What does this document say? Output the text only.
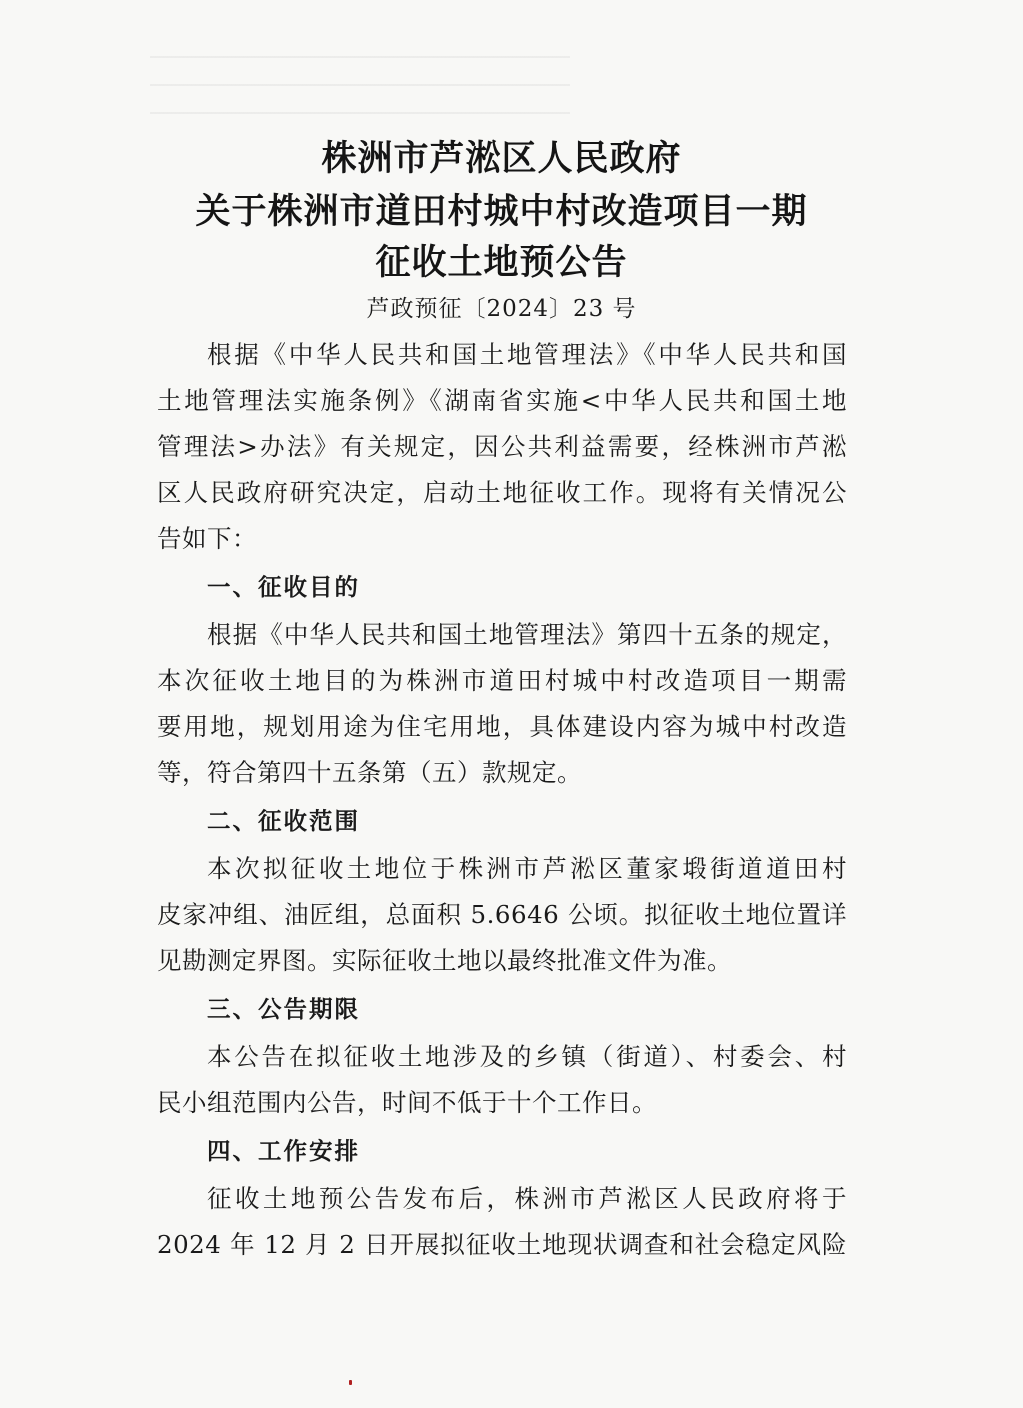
株洲市芦淞区人民政府
关于株洲市道田村城中村改造项目一期
征收土地预公告
芦政预征〔2024〕23 号
根据《中华人民共和国土地管理法》《中华人民共和国
土地管理法实施条例》《湖南省实施<中华人民共和国土地
管理法>办法》有关规定，因公共利益需要，经株洲市芦淞
区人民政府研究决定，启动土地征收工作。现将有关情况公
告如下：
一、征收目的
根据《中华人民共和国土地管理法》第四十五条的规定，
本次征收土地目的为株洲市道田村城中村改造项目一期需
要用地，规划用途为住宅用地，具体建设内容为城中村改造
等，符合第四十五条第（五）款规定。
二、征收范围
本次拟征收土地位于株洲市芦淞区董家塅街道道田村
皮家冲组、油匠组，总面积 5.6646 公顷。拟征收土地位置详
见勘测定界图。实际征收土地以最终批准文件为准。
三、公告期限
本公告在拟征收土地涉及的乡镇（街道）、村委会、村
民小组范围内公告，时间不低于十个工作日。
四、工作安排
征收土地预公告发布后，株洲市芦淞区人民政府将于
2024 年 12 月 2 日开展拟征收土地现状调查和社会稳定风险
